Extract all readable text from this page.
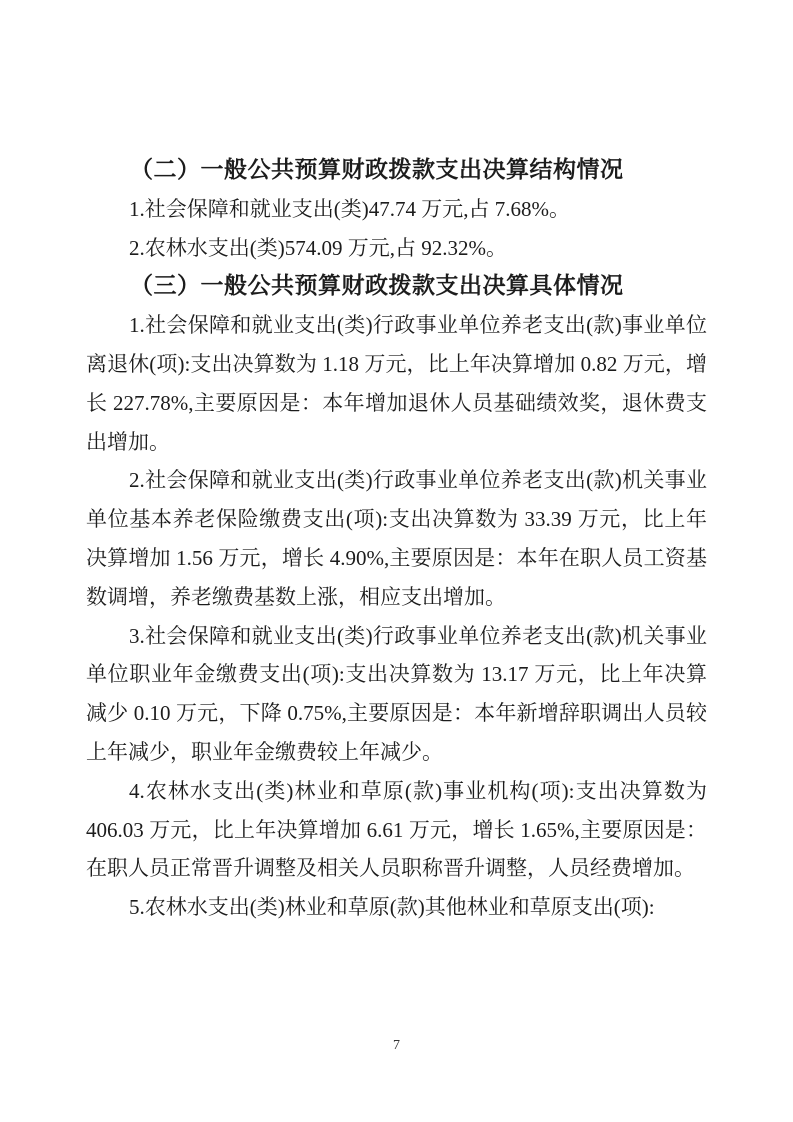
（二）一般公共预算财政拨款支出决算结构情况

1.社会保障和就业支出(类)47.74 万元,占 7.68%。

2.农林水支出(类)574.09 万元,占 92.32%。

（三）一般公共预算财政拨款支出决算具体情况

1.社会保障和就业支出(类)行政事业单位养老支出(款)事业单位离退休(项):支出决算数为 1.18 万元，比上年决算增加 0.82 万元，增长 227.78%,主要原因是：本年增加退休人员基础绩效奖，退休费支出增加。

2.社会保障和就业支出(类)行政事业单位养老支出(款)机关事业单位基本养老保险缴费支出(项):支出决算数为 33.39 万元，比上年决算增加 1.56 万元，增长 4.90%,主要原因是：本年在职人员工资基数调增，养老缴费基数上涨，相应支出增加。

3.社会保障和就业支出(类)行政事业单位养老支出(款)机关事业单位职业年金缴费支出(项):支出决算数为 13.17 万元，比上年决算减少 0.10 万元，下降 0.75%,主要原因是：本年新增辞职调出人员较上年减少，职业年金缴费较上年减少。

4.农林水支出(类)林业和草原(款)事业机构(项):支出决算数为 406.03 万元，比上年决算增加 6.61 万元，增长 1.65%,主要原因是：在职人员正常晋升调整及相关人员职称晋升调整，人员经费增加。

5.农林水支出(类)林业和草原(款)其他林业和草原支出(项):

7
